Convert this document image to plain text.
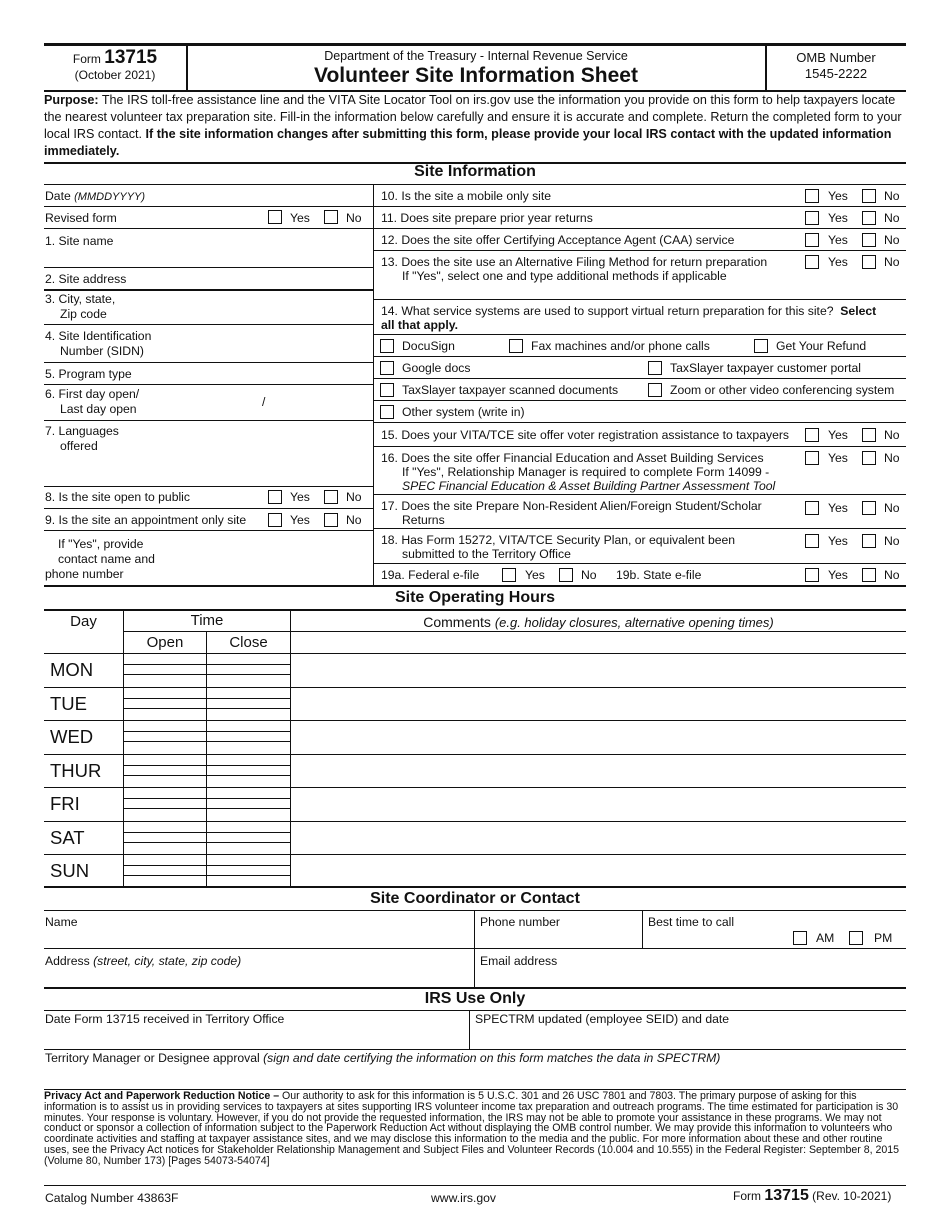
Form 13715
(October 2021)
Department of the Treasury - Internal Revenue Service
Volunteer Site Information Sheet
OMB Number
1545-2222
Purpose: The IRS toll-free assistance line and the VITA Site Locator Tool on irs.gov use the information you provide on this form to help taxpayers locate the nearest volunteer tax preparation site. Fill-in the information below carefully and ensure it is accurate and complete. Return the completed form to your local IRS contact. If the site information changes after submitting this form, please provide your local IRS contact with the updated information immediately.
Site Information
Date (MMDDYYYY)
Revised form	Yes	No
1. Site name
2. Site address
3. City, state,
Zip code
4. Site Identification
Number (SIDN)
5. Program type
6. First day open/
Last day open	/
7. Languages
offered
8. Is the site open to public	Yes	No
9. Is the site an appointment only site	Yes	No
If "Yes", provide
contact name and
phone number
10. Is the site a mobile only site	Yes	No
11. Does site prepare prior year returns	Yes	No
12. Does the site offer Certifying Acceptance Agent (CAA) service	Yes	No
13. Does the site use an Alternative Filing Method for return preparation
If "Yes", select one and type additional methods if applicable
Yes	No
14. What service systems are used to support virtual return preparation for this site? Select
all that apply.
DocuSign	Fax machines and/or phone calls	Get Your Refund
Google docs	TaxSlayer taxpayer customer portal
TaxSlayer taxpayer scanned documents	Zoom or other video conferencing system
Other system (write in)
15. Does your VITA/TCE site offer voter registration assistance to taxpayers	Yes	No
16. Does the site offer Financial Education and Asset Building Services
If "Yes", Relationship Manager is required to complete Form 14099 -
SPEC Financial Education & Asset Building Partner Assessment Tool
Yes	No
17. Does the site Prepare Non-Resident Alien/Foreign Student/Scholar
Returns
Yes	No
18. Has Form 15272, VITA/TCE Security Plan, or equivalent been
submitted to the Territory Office
Yes	No
19a. Federal e-file	Yes	No 19b. State e-file	Yes	No
Site Operating Hours
Day	Time
Open	Close
Comments (e.g. holiday closures, alternative opening times)
MON
TUE
WED
THUR
FRI
SAT
SUN
Site Coordinator or Contact
Name	Phone number	Best time to call
AM	PM
Address (street, city, state, zip code)	Email address
IRS Use Only
Date Form 13715 received in Territory Office	SPECTRM updated (employee SEID) and date
Territory Manager or Designee approval (sign and date certifying the information on this form matches the data in SPECTRM)
Privacy Act and Paperwork Reduction Notice – Our authority to ask for this information is 5 U.S.C. 301 and 26 USC 7801 and 7803. The primary purpose of asking for this information is to assist us in providing services to taxpayers at sites supporting IRS volunteer income tax preparation and outreach programs. The time estimated for participation is 30 minutes. Your response is voluntary. However, if you do not provide the requested information, the IRS may not be able to promote your assistance in these programs. We may not conduct or sponsor a collection of information subject to the Paperwork Reduction Act without displaying the OMB control number. We may provide this information to volunteers who coordinate activities and staffing at taxpayer assistance sites, and we may disclose this information to the media and the public. For more information about these and other routine uses, see the Privacy Act notices for Stakeholder Relationship Management and Subject Files and Volunteer Records (10.004 and 10.555) in the Federal Register: September 8, 2015 (Volume 80, Number 173) [Pages 54073-54074]
Catalog Number 43863F	www.irs.gov	Form 13715 (Rev. 10-2021)
